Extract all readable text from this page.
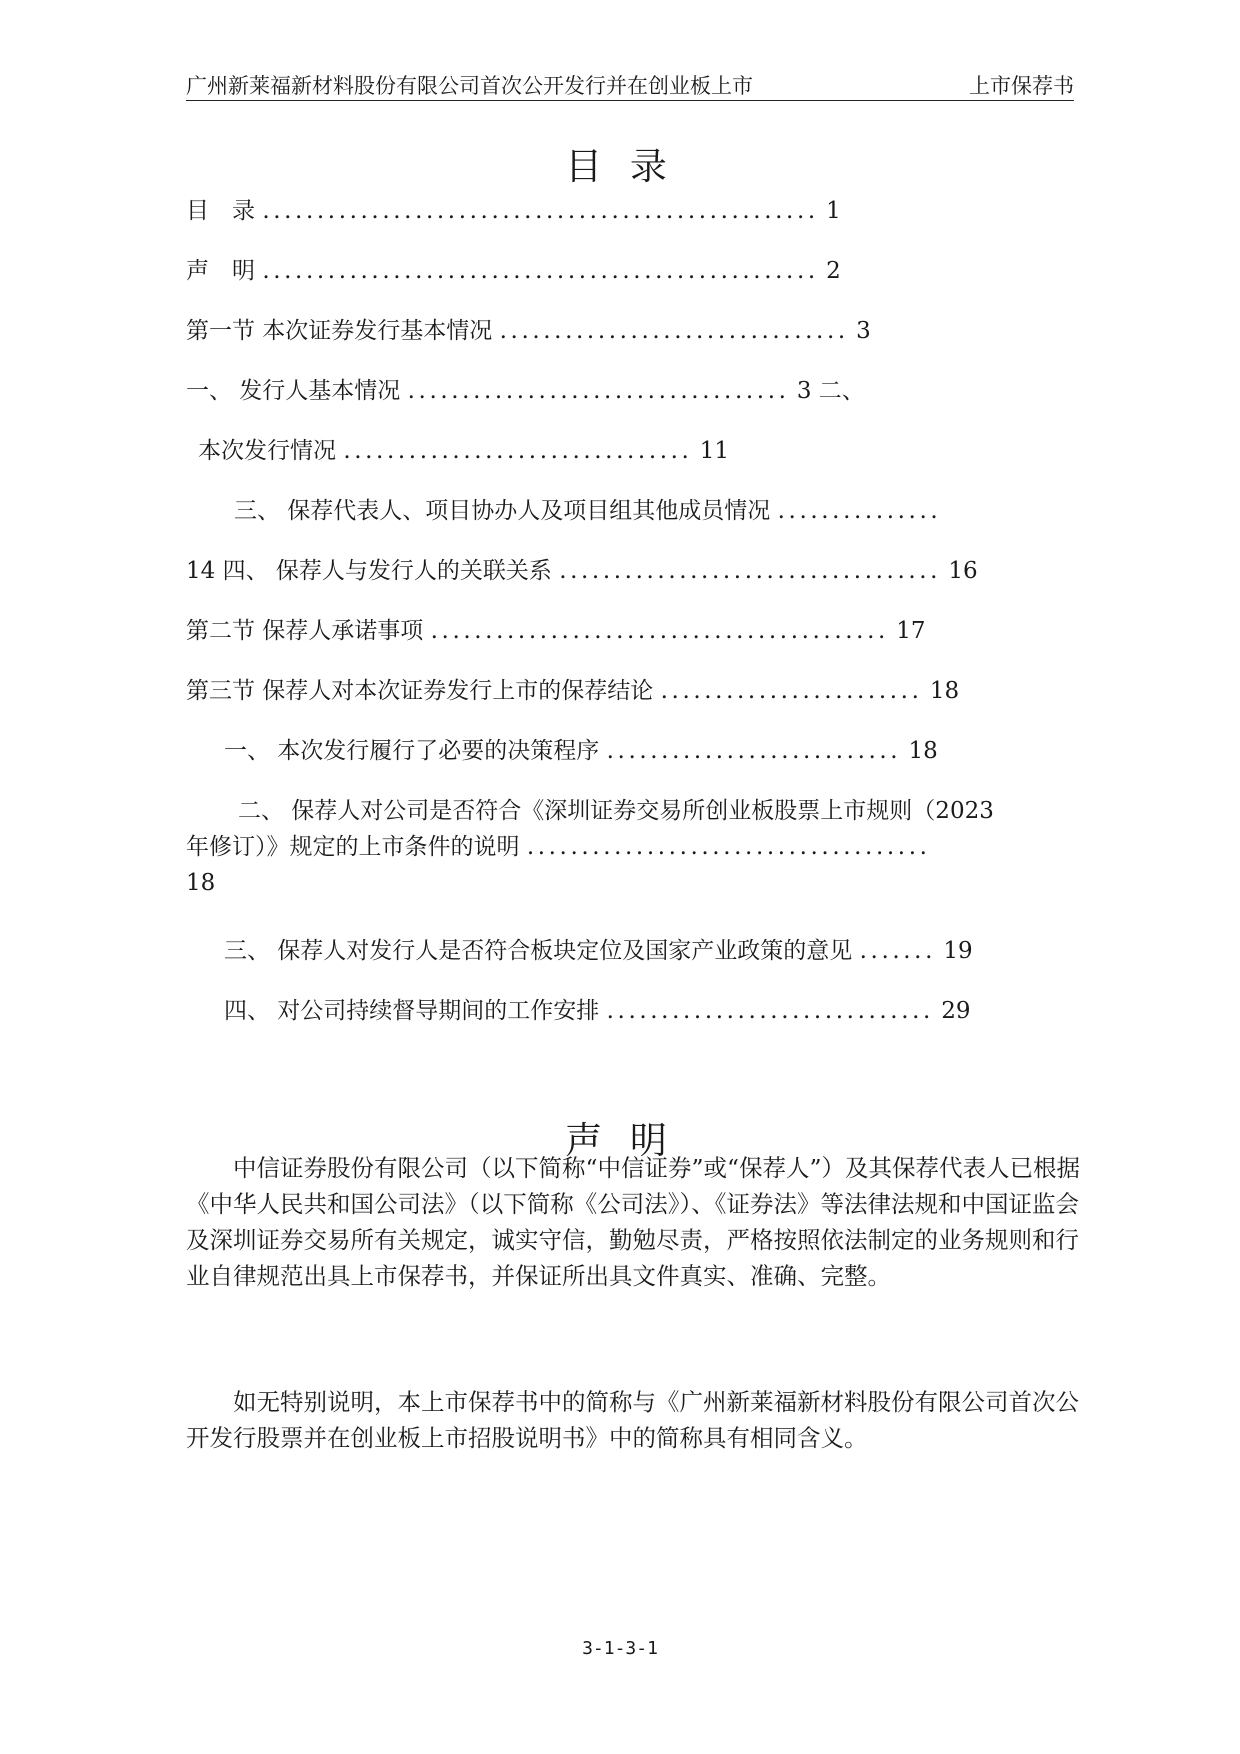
广州新莱福新材料股份有限公司首次公开发行并在创业板上市	上市保荐书
目 录
目　录 ................................................... 1
声　明 ................................................... 2
第一节 本次证券发行基本情况 ................................ 3
一、 发行人基本情况 ................................... 3 二、
本次发行情况 ................................ 11
三、 保荐代表人、项目协办人及项目组其他成员情况 ...............
14 四、 保荐人与发行人的关联关系 ................................... 16
第二节 保荐人承诺事项 .......................................... 17
第三节 保荐人对本次证券发行上市的保荐结论 ........................ 18
一、 本次发行履行了必要的决策程序 ........................... 18
二、 保荐人对公司是否符合《深圳证券交易所创业板股票上市规则（2023
年修订）》规定的上市条件的说明 .....................................
18
三、 保荐人对发行人是否符合板块定位及国家产业政策的意见 ....... 19
四、 对公司持续督导期间的工作安排 .............................. 29
声 明

中信证券股份有限公司（以下简称“中信证券”或“保荐人”）及其保荐代表人已根据《中华人民共和国公司法》（以下简称《公司法》）、《证券法》等法律法规和中国证监会及深圳证券交易所有关规定，诚实守信，勤勉尽责，严格按照依法制定的业务规则和行业自律规范出具上市保荐书，并保证所出具文件真实、准确、完整。

如无特别说明，本上市保荐书中的简称与《广州新莱福新材料股份有限公司首次公开发行股票并在创业板上市招股说明书》中的简称具有相同含义。

3-1-3-1
